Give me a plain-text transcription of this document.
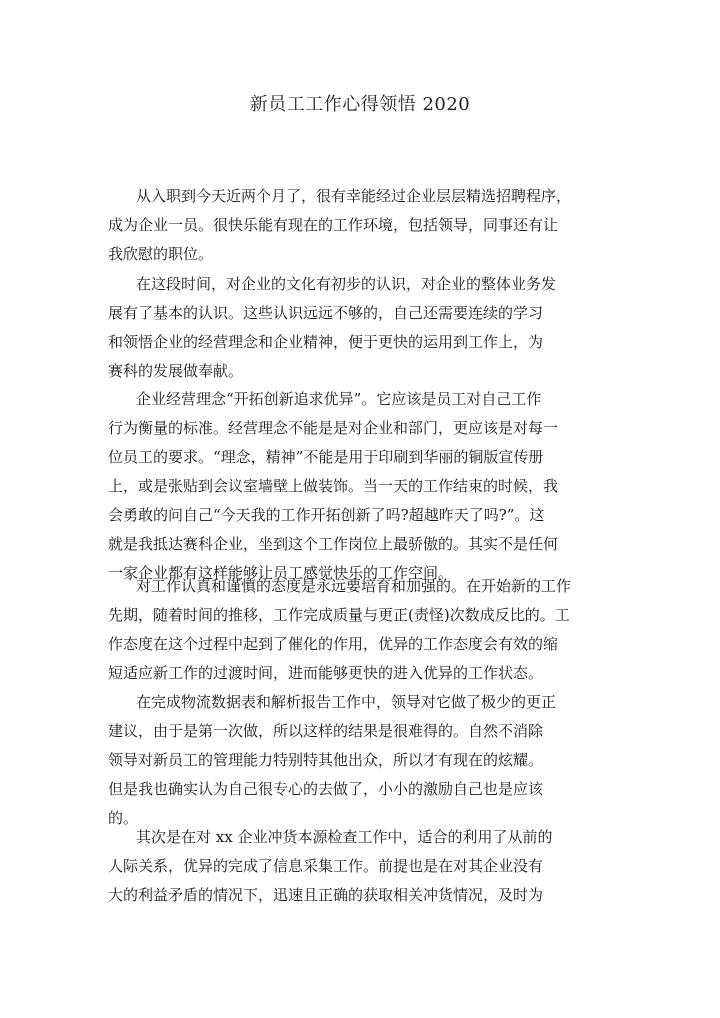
新员工工作心得领悟 2020
从入职到今天近两个月了，很有幸能经过企业层层精选招聘程序，
成为企业一员。很快乐能有现在的工作环境，包括领导，同事还有让
我欣慰的职位。
在这段时间，对企业的文化有初步的认识，对企业的整体业务发
展有了基本的认识。这些认识远远不够的，自己还需要连续的学习
和领悟企业的经营理念和企业精神，便于更快的运用到工作上，为
赛科的发展做奉献。
企业经营理念“开拓创新追求优异”。它应该是员工对自己工作
行为衡量的标准。经营理念不能是是对企业和部门，更应该是对每一
位员工的要求。“理念，精神”不能是用于印刷到华丽的铜版宣传册
上，或是张贴到会议室墙壁上做装饰。当一天的工作结束的时候，我
会勇敢的问自己“今天我的工作开拓创新了吗?超越昨天了吗?”。这
就是我抵达赛科企业，坐到这个工作岗位上最骄傲的。其实不是任何
一家企业都有这样能够让员工感觉快乐的工作空间。
对工作认真和谨慎的态度是永远要培育和加强的。在开始新的工作
先期，随着时间的推移，工作完成质量与更正(责怪)次数成反比的。工
作态度在这个过程中起到了催化的作用，优异的工作态度会有效的缩
短适应新工作的过渡时间，进而能够更快的进入优异的工作状态。
在完成物流数据表和解析报告工作中，领导对它做了极少的更正
建议，由于是第一次做，所以这样的结果是很难得的。自然不消除
领导对新员工的管理能力特别特其他出众，所以才有现在的炫耀。
但是我也确实认为自己很专心的去做了，小小的激励自己也是应该
的。
其次是在对 xx 企业冲货本源检查工作中，适合的利用了从前的
人际关系，优异的完成了信息采集工作。前提也是在对其企业没有
大的利益矛盾的情况下，迅速且正确的获取相关冲货情况，及时为
